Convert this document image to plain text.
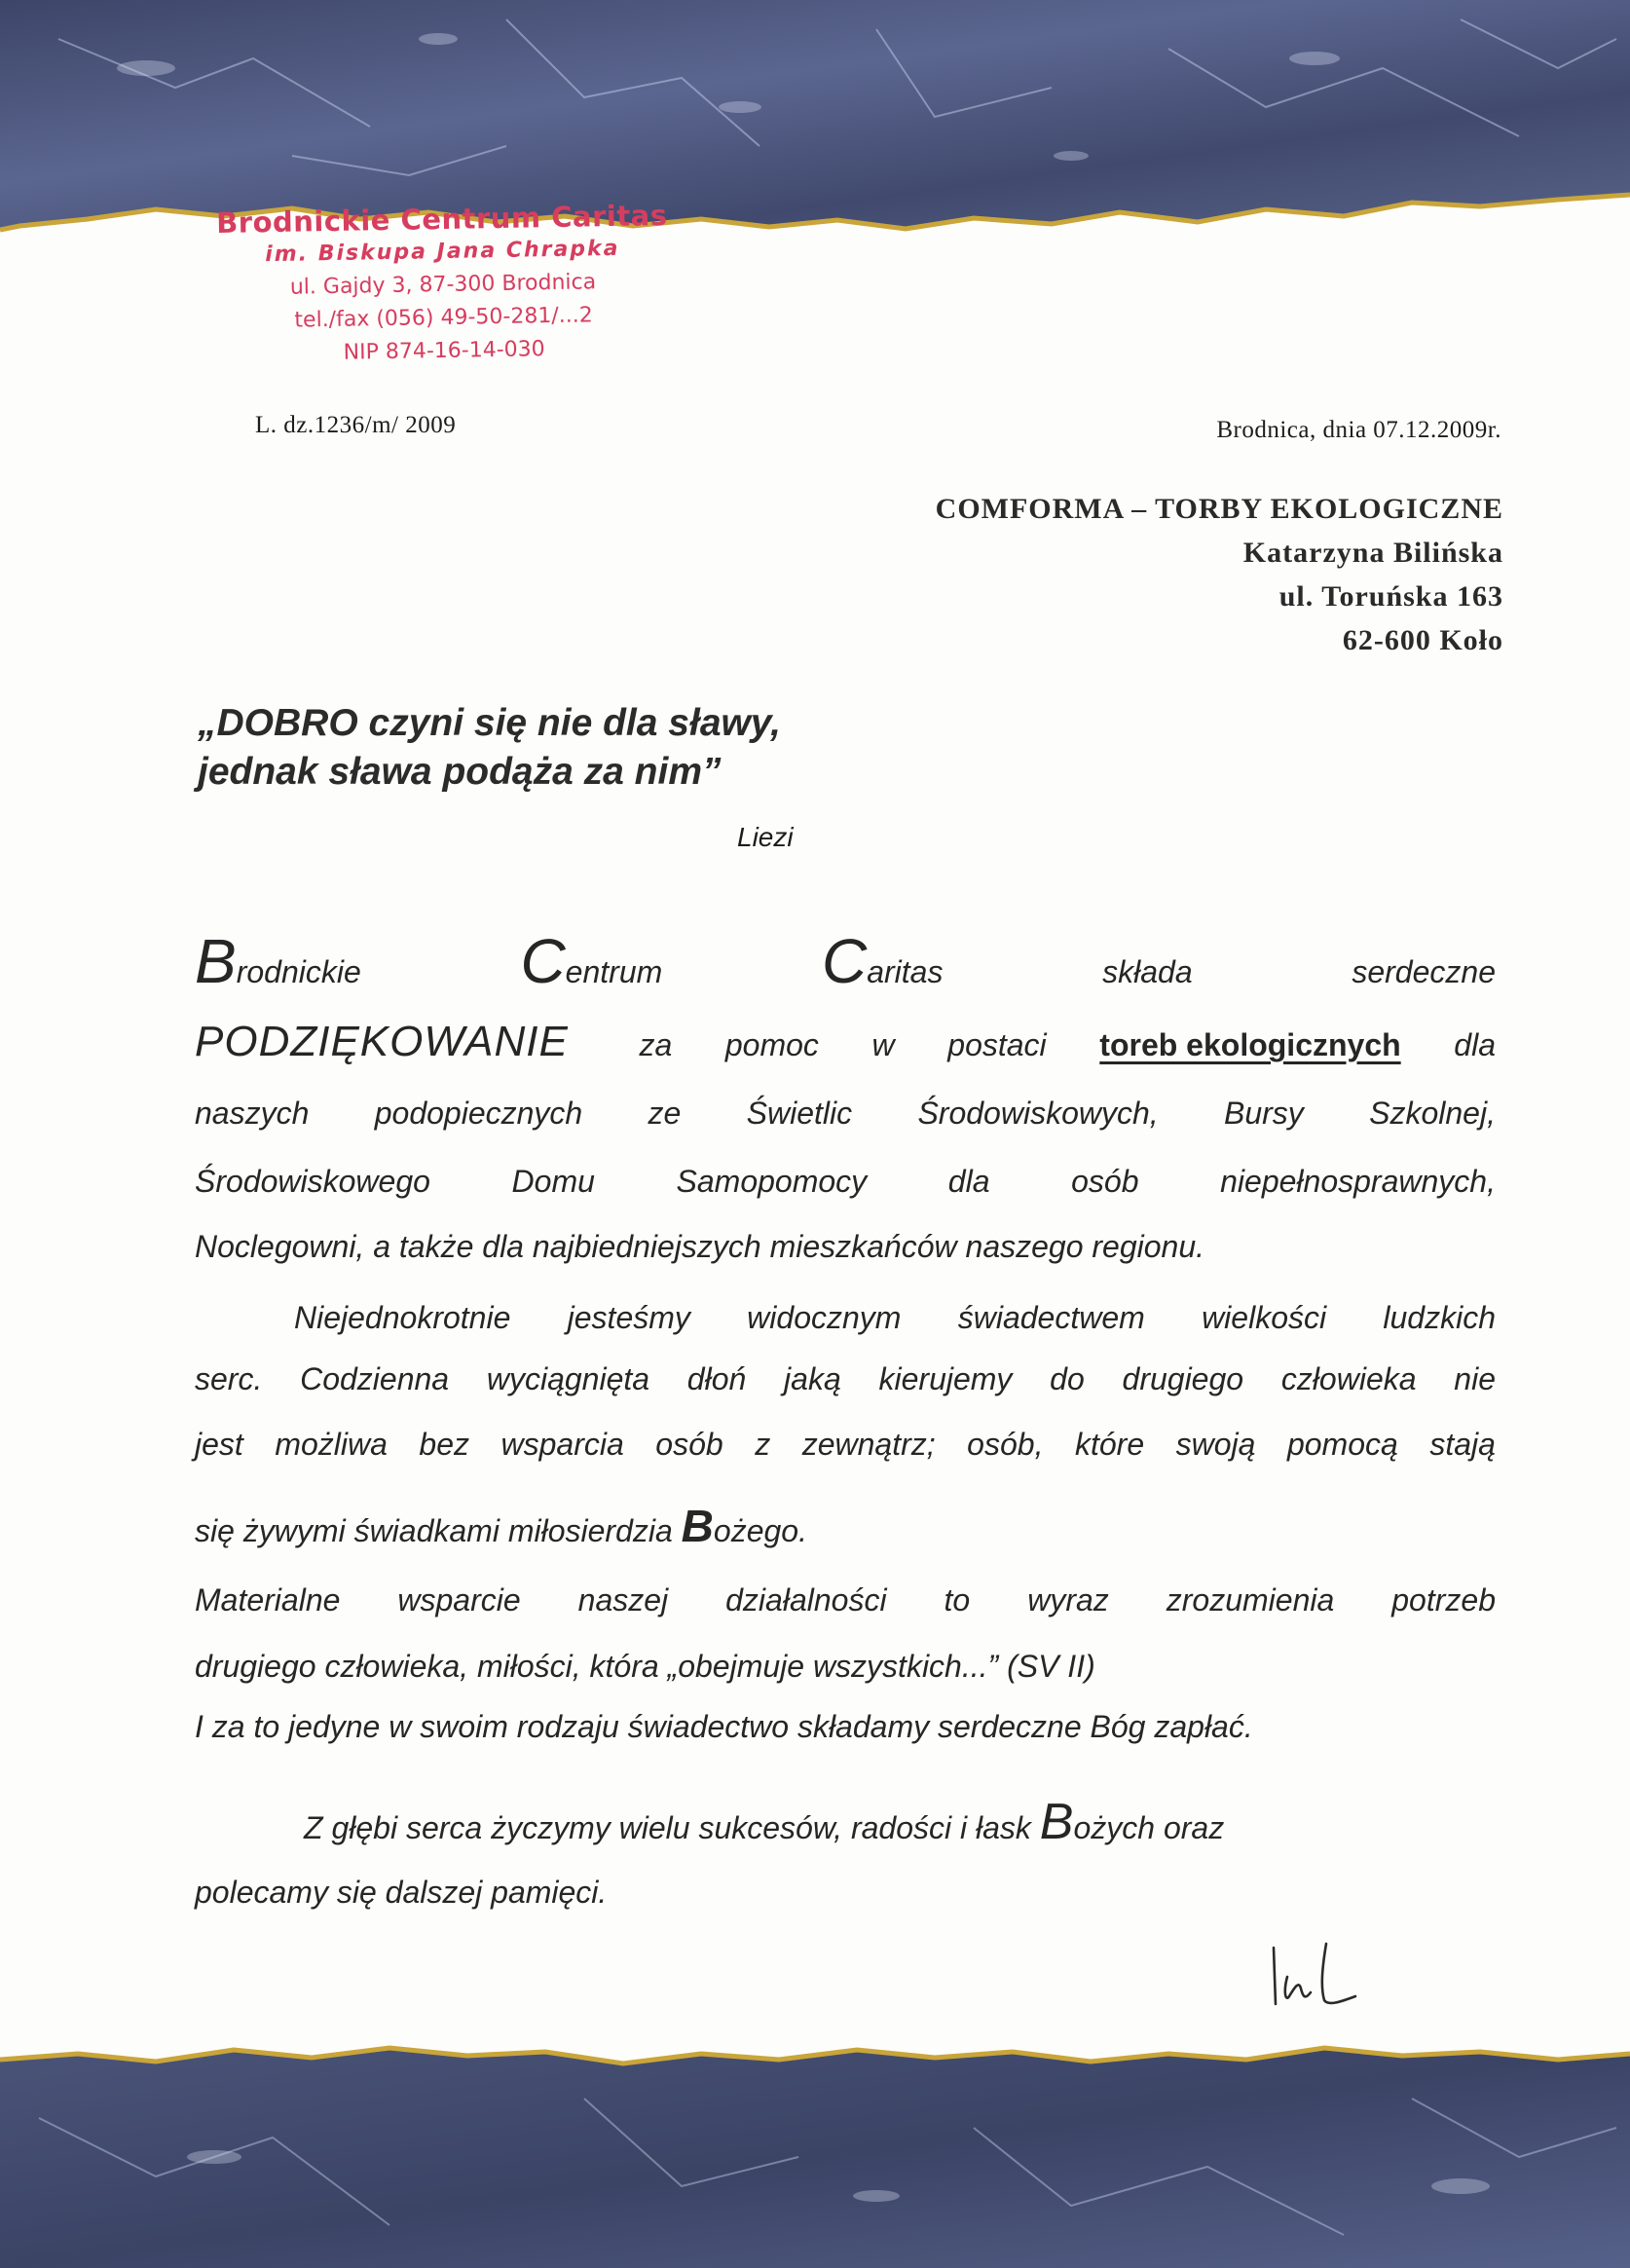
Brodnickie Centrum Caritas
im. Biskupa Jana Chrapka
ul. Gajdy 3, 87-300 Brodnica
tel./fax (056) 49-50-281/...2
NIP 874-16-14-030
L. dz.1236/m/ 2009	Brodnica, dnia 07.12.2009r.
COMFORMA – TORBY EKOLOGICZNE
Katarzyna Bilińska
ul. Toruńska 163
62-600 Koło
„DOBRO czyni się nie dla sławy,
jednak sława podąża za nim”
Liezi
Brodnickie	Centrum	Caritas	składa	serdeczne
PODZIĘKOWANIE za pomoc w postaci toreb ekologicznych dla
naszych podopiecznych ze Świetlic Środowiskowych, Bursy Szkolnej,
Środowiskowego	Domu	Samopomocy	dla	osób	niepełnosprawnych,
Noclegowni, a także dla najbiedniejszych mieszkańców naszego regionu.
Niejednokrotnie jesteśmy widocznym świadectwem wielkości ludzkich
serc. Codzienna wyciągnięta dłoń jaką kierujemy do drugiego człowieka nie
jest możliwa bez wsparcia osób z zewnątrz; osób, które swoją pomocą stają
się żywymi świadkami miłosierdzia Bożego.
Materialne wsparcie naszej działalności to wyraz zrozumienia potrzeb
drugiego człowieka, miłości, która „obejmuje wszystkich...” (SV II)
I za to jedyne w swoim rodzaju świadectwo składamy serdeczne Bóg zapłać.
Z głębi serca życzymy wielu sukcesów, radości i łask Bożych oraz
polecamy się dalszej pamięci.
